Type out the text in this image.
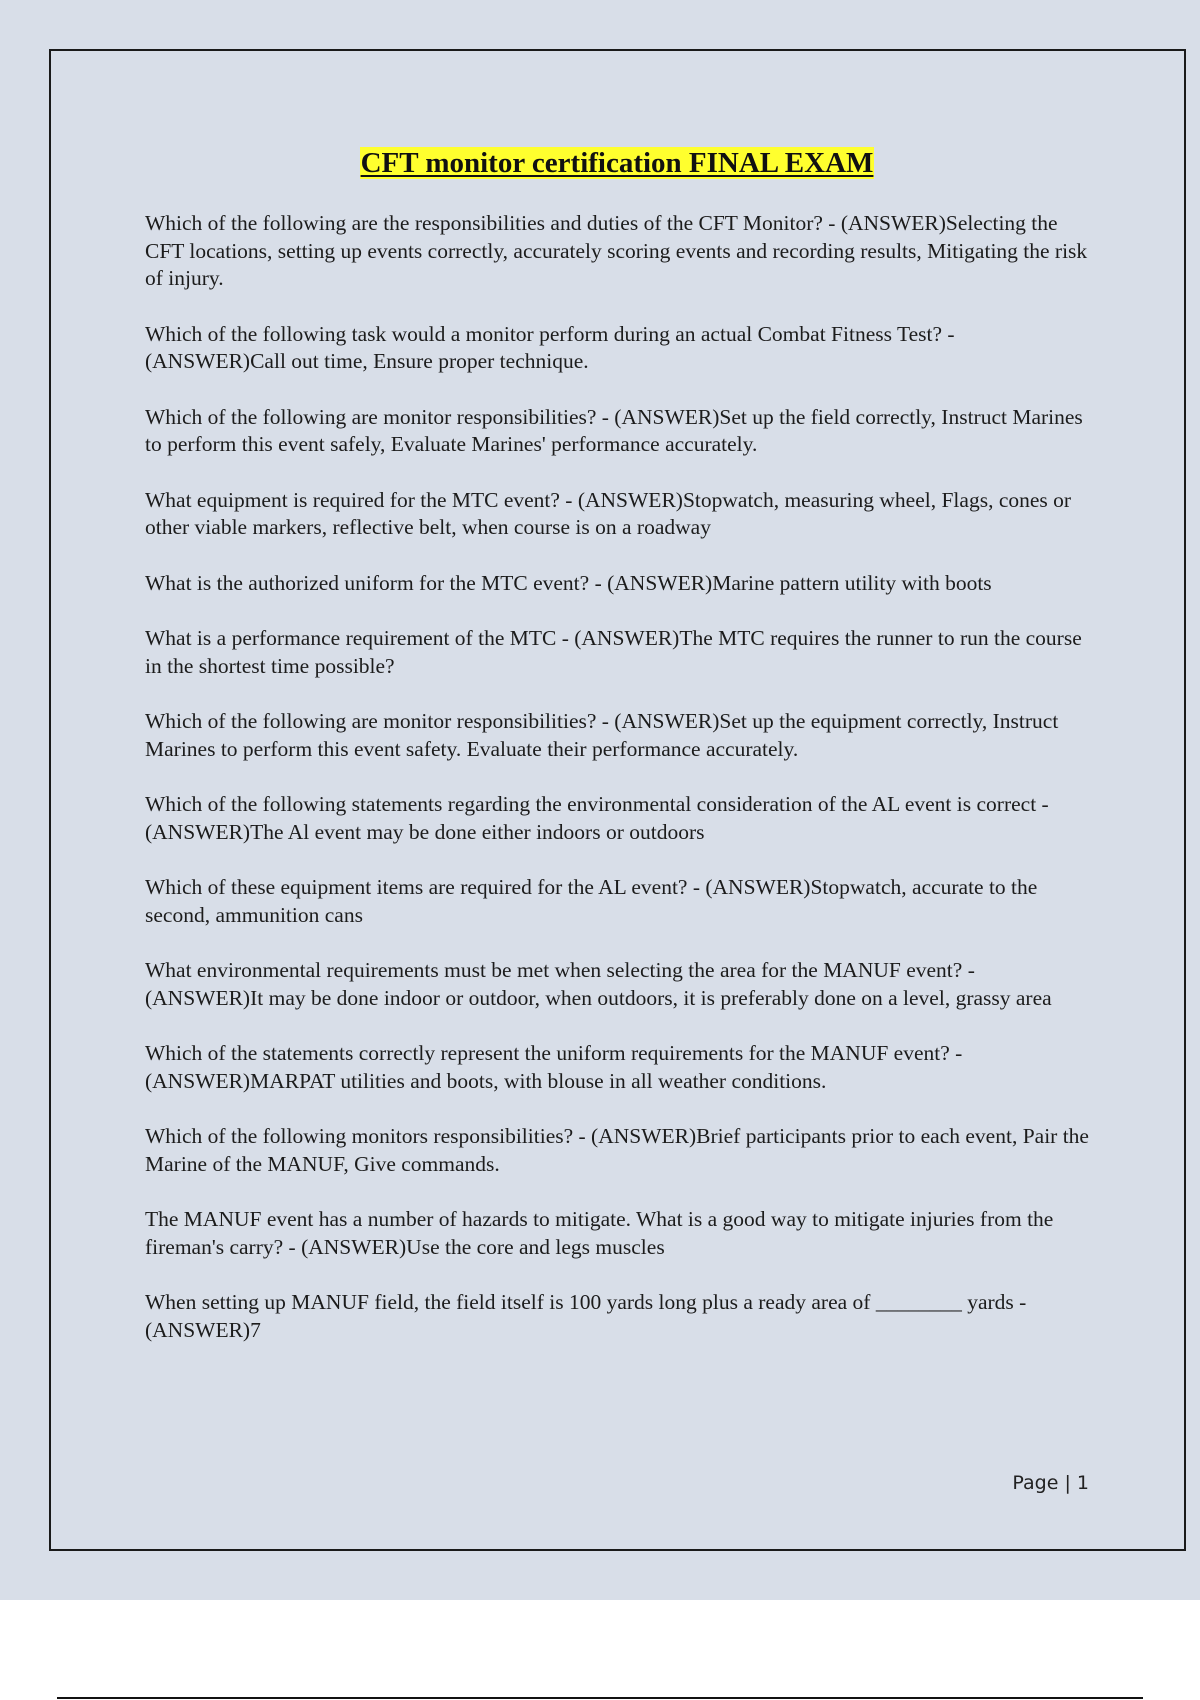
CFT monitor certification FINAL EXAM

Which of the following are the responsibilities and duties of the CFT Monitor? - (ANSWER)Selecting the CFT locations, setting up events correctly, accurately scoring events and recording results, Mitigating the risk of injury.

Which of the following task would a monitor perform during an actual Combat Fitness Test? - (ANSWER)Call out time, Ensure proper technique.

Which of the following are monitor responsibilities? - (ANSWER)Set up the field correctly, Instruct Marines to perform this event safely, Evaluate Marines' performance accurately.

What equipment is required for the MTC event? - (ANSWER)Stopwatch, measuring wheel, Flags, cones or other viable markers, reflective belt, when course is on a roadway

What is the authorized uniform for the MTC event? - (ANSWER)Marine pattern utility with boots

What is a performance requirement of the MTC - (ANSWER)The MTC requires the runner to run the course in the shortest time possible?

Which of the following are monitor responsibilities? - (ANSWER)Set up the equipment correctly, Instruct Marines to perform this event safety. Evaluate their performance accurately.

Which of the following statements regarding the environmental consideration of the AL event is correct - (ANSWER)The Al event may be done either indoors or outdoors

Which of these equipment items are required for the AL event? - (ANSWER)Stopwatch, accurate to the second, ammunition cans

What environmental requirements must be met when selecting the area for the MANUF event? - (ANSWER)It may be done indoor or outdoor, when outdoors, it is preferably done on a level, grassy area

Which of the statements correctly represent the uniform requirements for the MANUF event? - (ANSWER)MARPAT utilities and boots, with blouse in all weather conditions.

Which of the following monitors responsibilities? - (ANSWER)Brief participants prior to each event, Pair the Marine of the MANUF, Give commands.

The MANUF event has a number of hazards to mitigate. What is a good way to mitigate injuries from the fireman's carry? - (ANSWER)Use the core and legs muscles

When setting up MANUF field, the field itself is 100 yards long plus a ready area of ________ yards - (ANSWER)7

Page | 1
